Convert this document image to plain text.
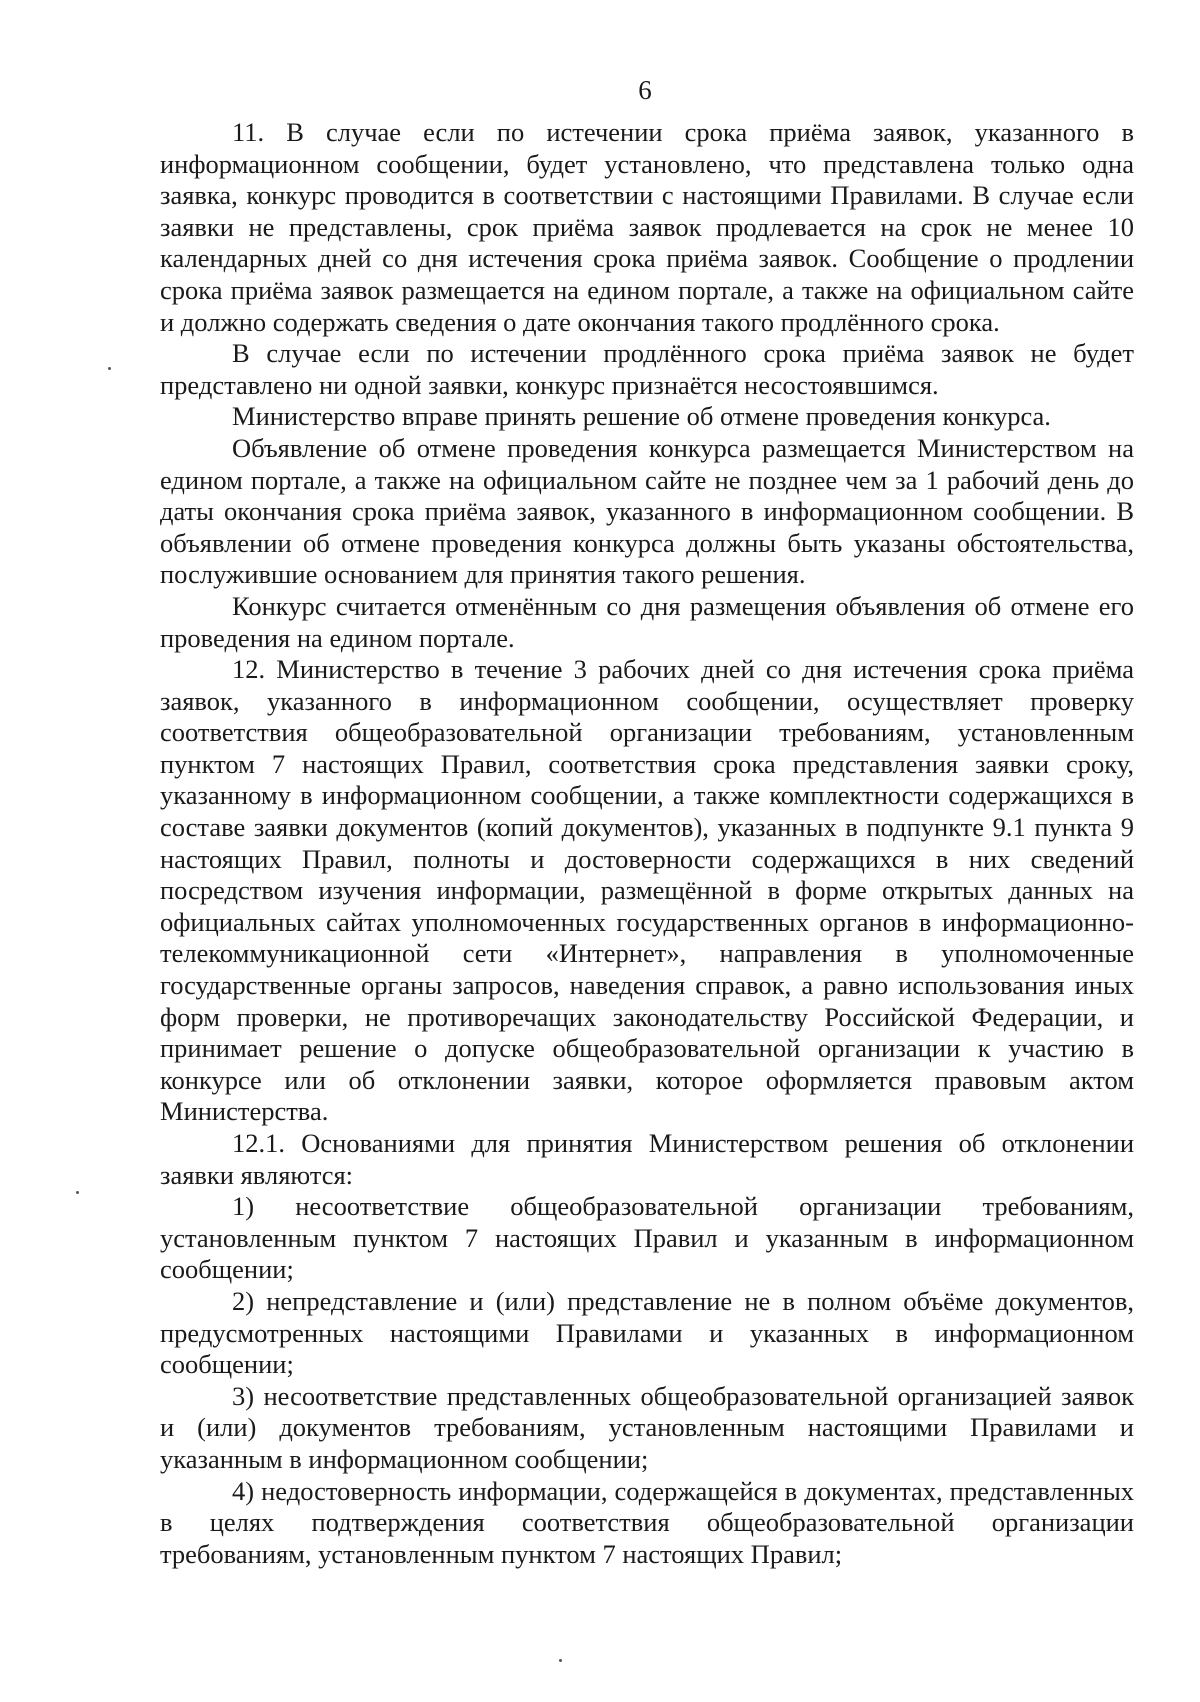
6

11. В случае если по истечении срока приёма заявок, указанного в информационном сообщении, будет установлено, что представлена только одна заявка, конкурс проводится в соответствии с настоящими Правилами. В случае если заявки не представлены, срок приёма заявок продлевается на срок не менее 10 календарных дней со дня истечения срока приёма заявок. Сообщение о продлении срока приёма заявок размещается на едином портале, а также на официальном сайте и должно содержать сведения о дате окончания такого продлённого срока.

В случае если по истечении продлённого срока приёма заявок не будет представлено ни одной заявки, конкурс признаётся несостоявшимся.

Министерство вправе принять решение об отмене проведения конкурса.

Объявление об отмене проведения конкурса размещается Министерством на едином портале, а также на официальном сайте не позднее чем за 1 рабочий день до даты окончания срока приёма заявок, указанного в информационном сообщении. В объявлении об отмене проведения конкурса должны быть указаны обстоятельства, послужившие основанием для принятия такого решения.

Конкурс считается отменённым со дня размещения объявления об отмене его проведения на едином портале.

12. Министерство в течение 3 рабочих дней со дня истечения срока приёма заявок, указанного в информационном сообщении, осуществляет проверку соответствия общеобразовательной организации требованиям, установленным пунктом 7 настоящих Правил, соответствия срока представления заявки сроку, указанному в информационном сообщении, а также комплектности содержащихся в составе заявки документов (копий документов), указанных в подпункте 9.1 пункта 9 настоящих Правил, полноты и достоверности содержащихся в них сведений посредством изучения информации, размещённой в форме открытых данных на официальных сайтах уполномоченных государственных органов в информационно-телекоммуникационной сети «Интернет», направления в уполномоченные государственные органы запросов, наведения справок, а равно использования иных форм проверки, не противоречащих законодательству Российской Федерации, и принимает решение о допуске общеобразовательной организации к участию в конкурсе или об отклонении заявки, которое оформляется правовым актом Министерства.

12.1. Основаниями для принятия Министерством решения об отклонении заявки являются:

1) несоответствие общеобразовательной организации требованиям, установленным пунктом 7 настоящих Правил и указанным в информационном сообщении;

2) непредставление и (или) представление не в полном объёме документов, предусмотренных настоящими Правилами и указанных в информационном сообщении;

3) несоответствие представленных общеобразовательной организацией заявок и (или) документов требованиям, установленным настоящими Правилами и указанным в информационном сообщении;

4) недостоверность информации, содержащейся в документах, представленных в целях подтверждения соответствия общеобразовательной организации требованиям, установленным пунктом 7 настоящих Правил;
